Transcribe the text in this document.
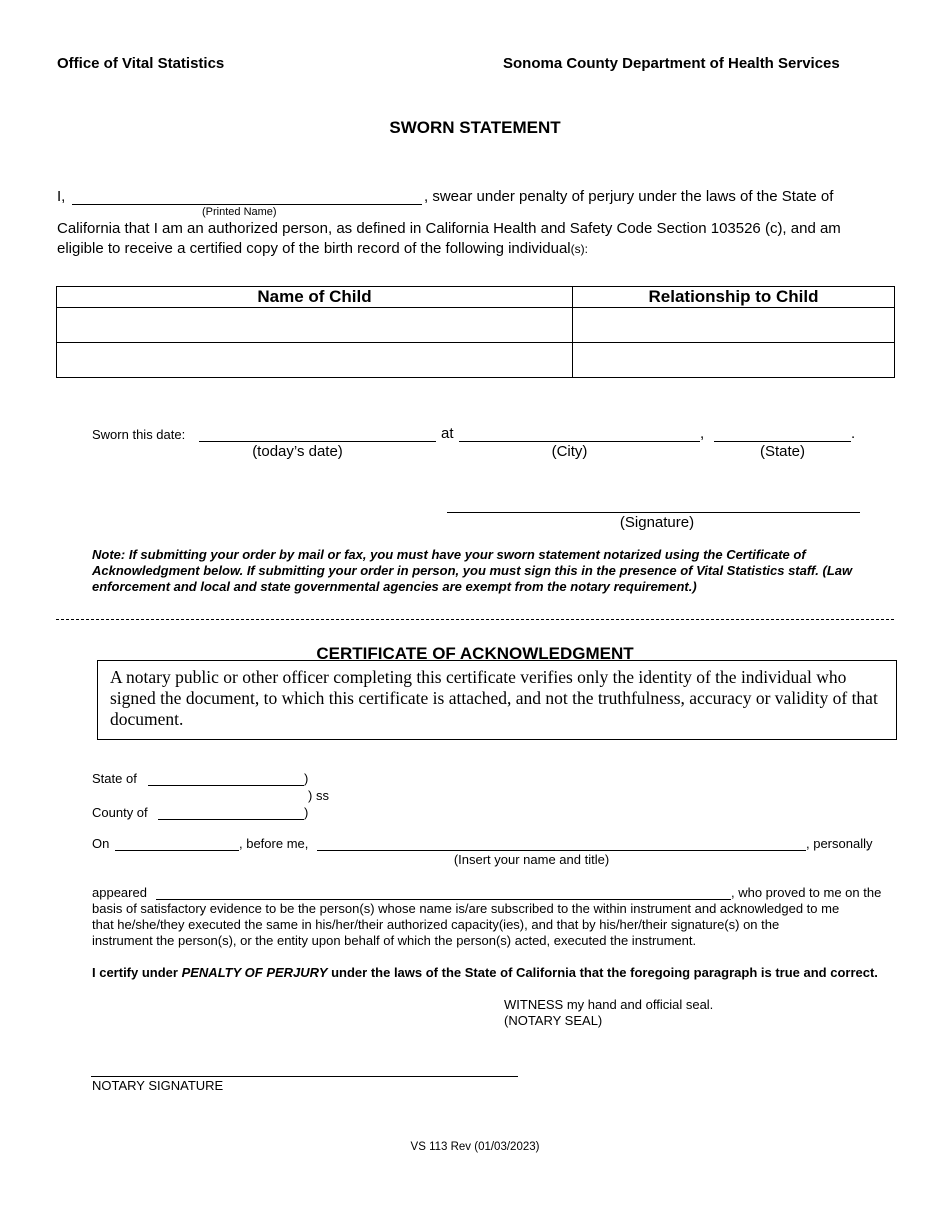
Office of Vital Statistics	Sonoma County Department of Health Services
SWORN STATEMENT
I,	, swear under penalty of perjury under the laws of the State of
(Printed Name)
California that I am an authorized person, as defined in California Health and Safety Code Section 103526 (c), and am
eligible to receive a certified copy of the birth record of the following individual(s):
Name of Child	Relationship to Child

Sworn this date:	at	,	.
(today’s date)	(City)	(State)
(Signature)
Note: If submitting your order by mail or fax, you must have your sworn statement notarized using the Certificate of Acknowledgment below. If submitting your order in person, you must sign this in the presence of Vital Statistics staff. (Law enforcement and local and state governmental agencies are exempt from the notary requirement.)
CERTIFICATE OF ACKNOWLEDGMENT
A notary public or other officer completing this certificate verifies only the identity of the individual who signed the document, to which this certificate is attached, and not the truthfulness, accuracy or validity of that document.
State of	)
) ss
County of	)
On	, before me,	, personally
(Insert your name and title)
appeared	, who proved to me on the
basis of satisfactory evidence to be the person(s) whose name is/are subscribed to the within instrument and acknowledged to me
that he/she/they executed the same in his/her/their authorized capacity(ies), and that by his/her/their signature(s) on the
instrument the person(s), or the entity upon behalf of which the person(s) acted, executed the instrument.
I certify under PENALTY OF PERJURY under the laws of the State of California that the foregoing paragraph is true and correct.
WITNESS my hand and official seal.
(NOTARY SEAL)
NOTARY SIGNATURE
VS 113 Rev (01/03/2023)
